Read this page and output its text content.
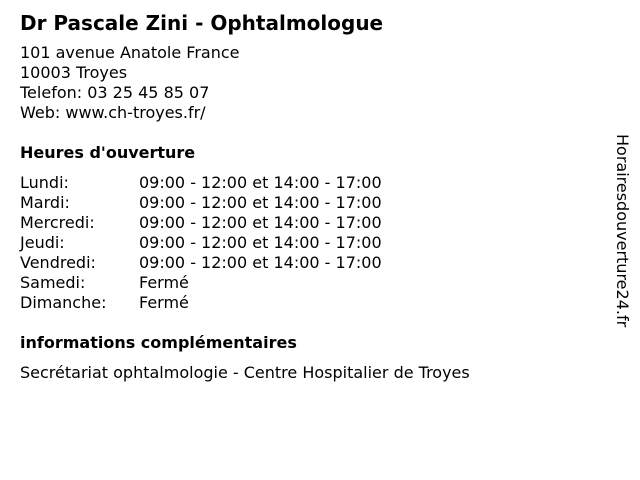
Dr Pascale Zini - Ophtalmologue
101 avenue Anatole France
10003 Troyes
Telefon: 03 25 45 85 07
Web: www.ch-troyes.fr/
Heures d'ouverture
Lundi:	09:00 - 12:00 et 14:00 - 17:00
Mardi:	09:00 - 12:00 et 14:00 - 17:00
Mercredi:	09:00 - 12:00 et 14:00 - 17:00
Jeudi:	09:00 - 12:00 et 14:00 - 17:00
Vendredi:	09:00 - 12:00 et 14:00 - 17:00
Samedi:	Fermé
Dimanche:	Fermé
informations complémentaires
Secrétariat ophtalmologie - Centre Hospitalier de Troyes
Horairesdouverture24.fr
